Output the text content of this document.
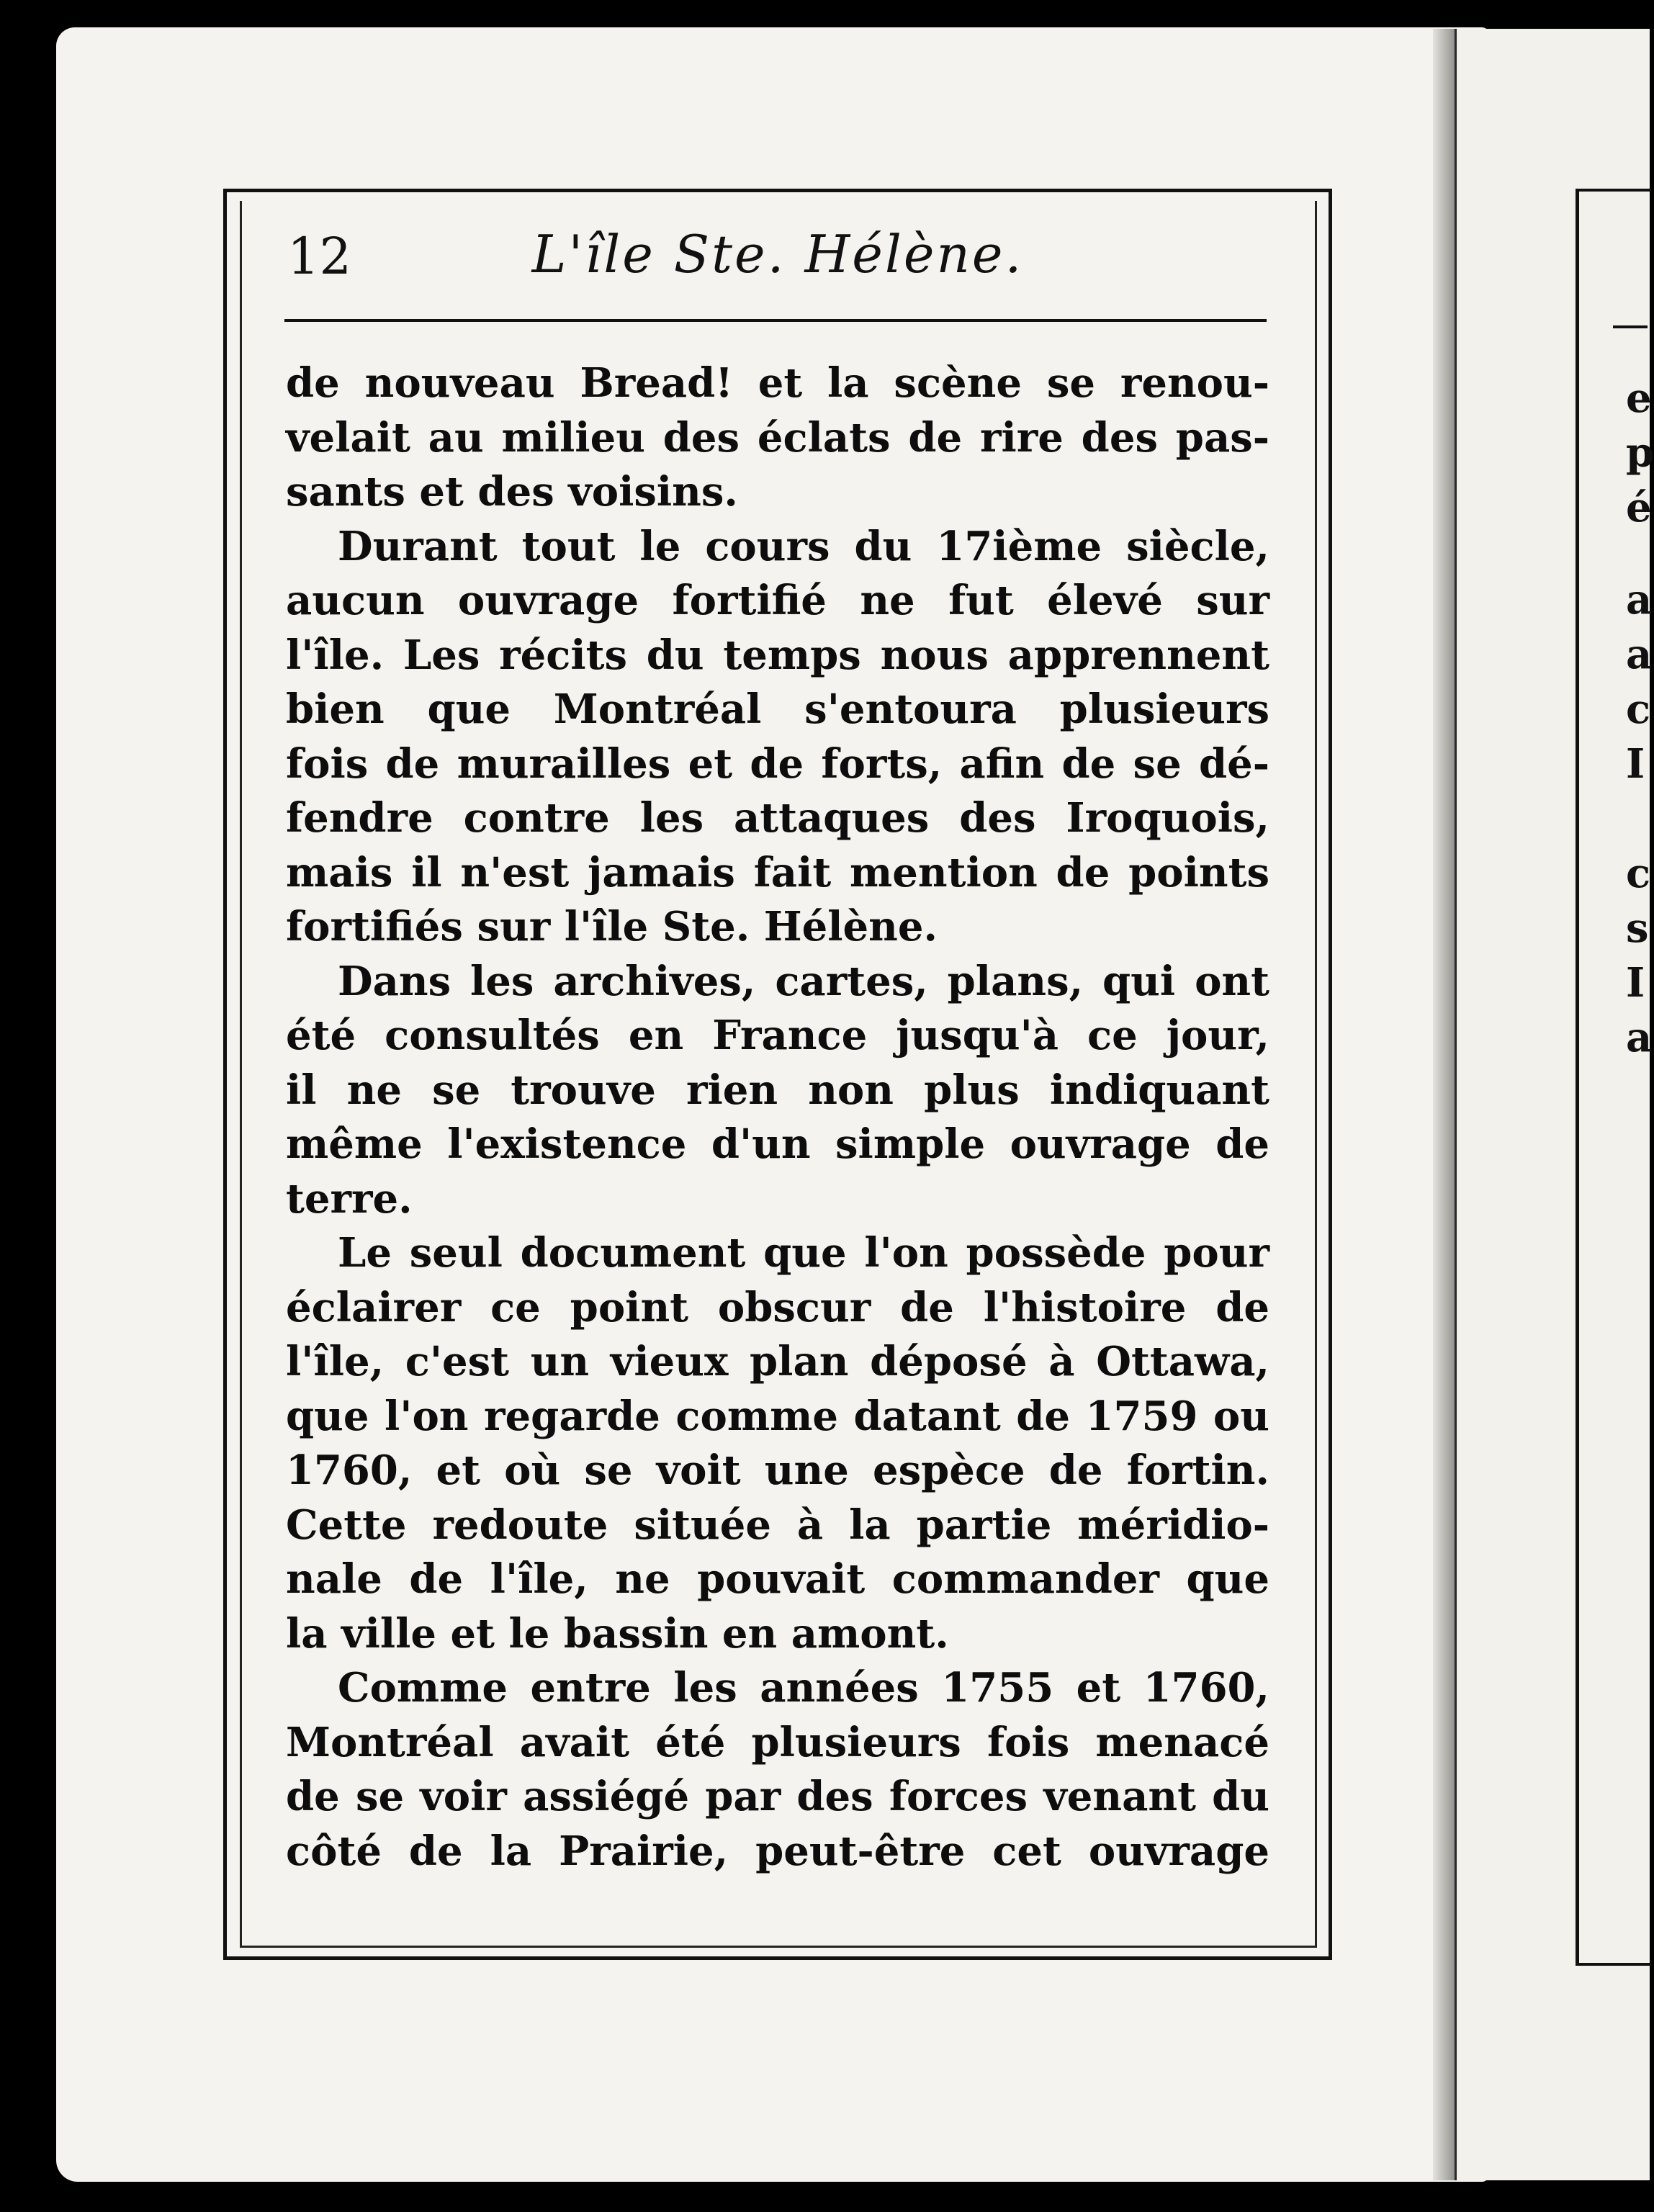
12	L'île Ste. Hélène.
de nouveau Bread! et la scène se renou-
velait au milieu des éclats de rire des pas-
sants et des voisins.
Durant tout le cours du 17ième siècle,
aucun ouvrage fortifié ne fut élevé sur
l'île. Les récits du temps nous apprennent
bien que Montréal s'entoura plusieurs
fois de murailles et de forts, afin de se dé-
fendre contre les attaques des Iroquois,
mais il n'est jamais fait mention de points
fortifiés sur l'île Ste. Hélène.
Dans les archives, cartes, plans, qui ont
été consultés en France jusqu'à ce jour,
il ne se trouve rien non plus indiquant
même l'existence d'un simple ouvrage de
terre.
Le seul document que l'on possède pour
éclairer ce point obscur de l'histoire de
l'île, c'est un vieux plan déposé à Ottawa,
que l'on regarde comme datant de 1759 ou
1760, et où se voit une espèce de fortin.
Cette redoute située à la partie méridio-
nale de l'île, ne pouvait commander que
la ville et le bassin en amont.
Comme entre les années 1755 et 1760,
Montréal avait été plusieurs fois menacé
de se voir assiégé par des forces venant du
côté de la Prairie, peut-être cet ouvrage
e
p
é
a
a
c
I
c
s
I
a
